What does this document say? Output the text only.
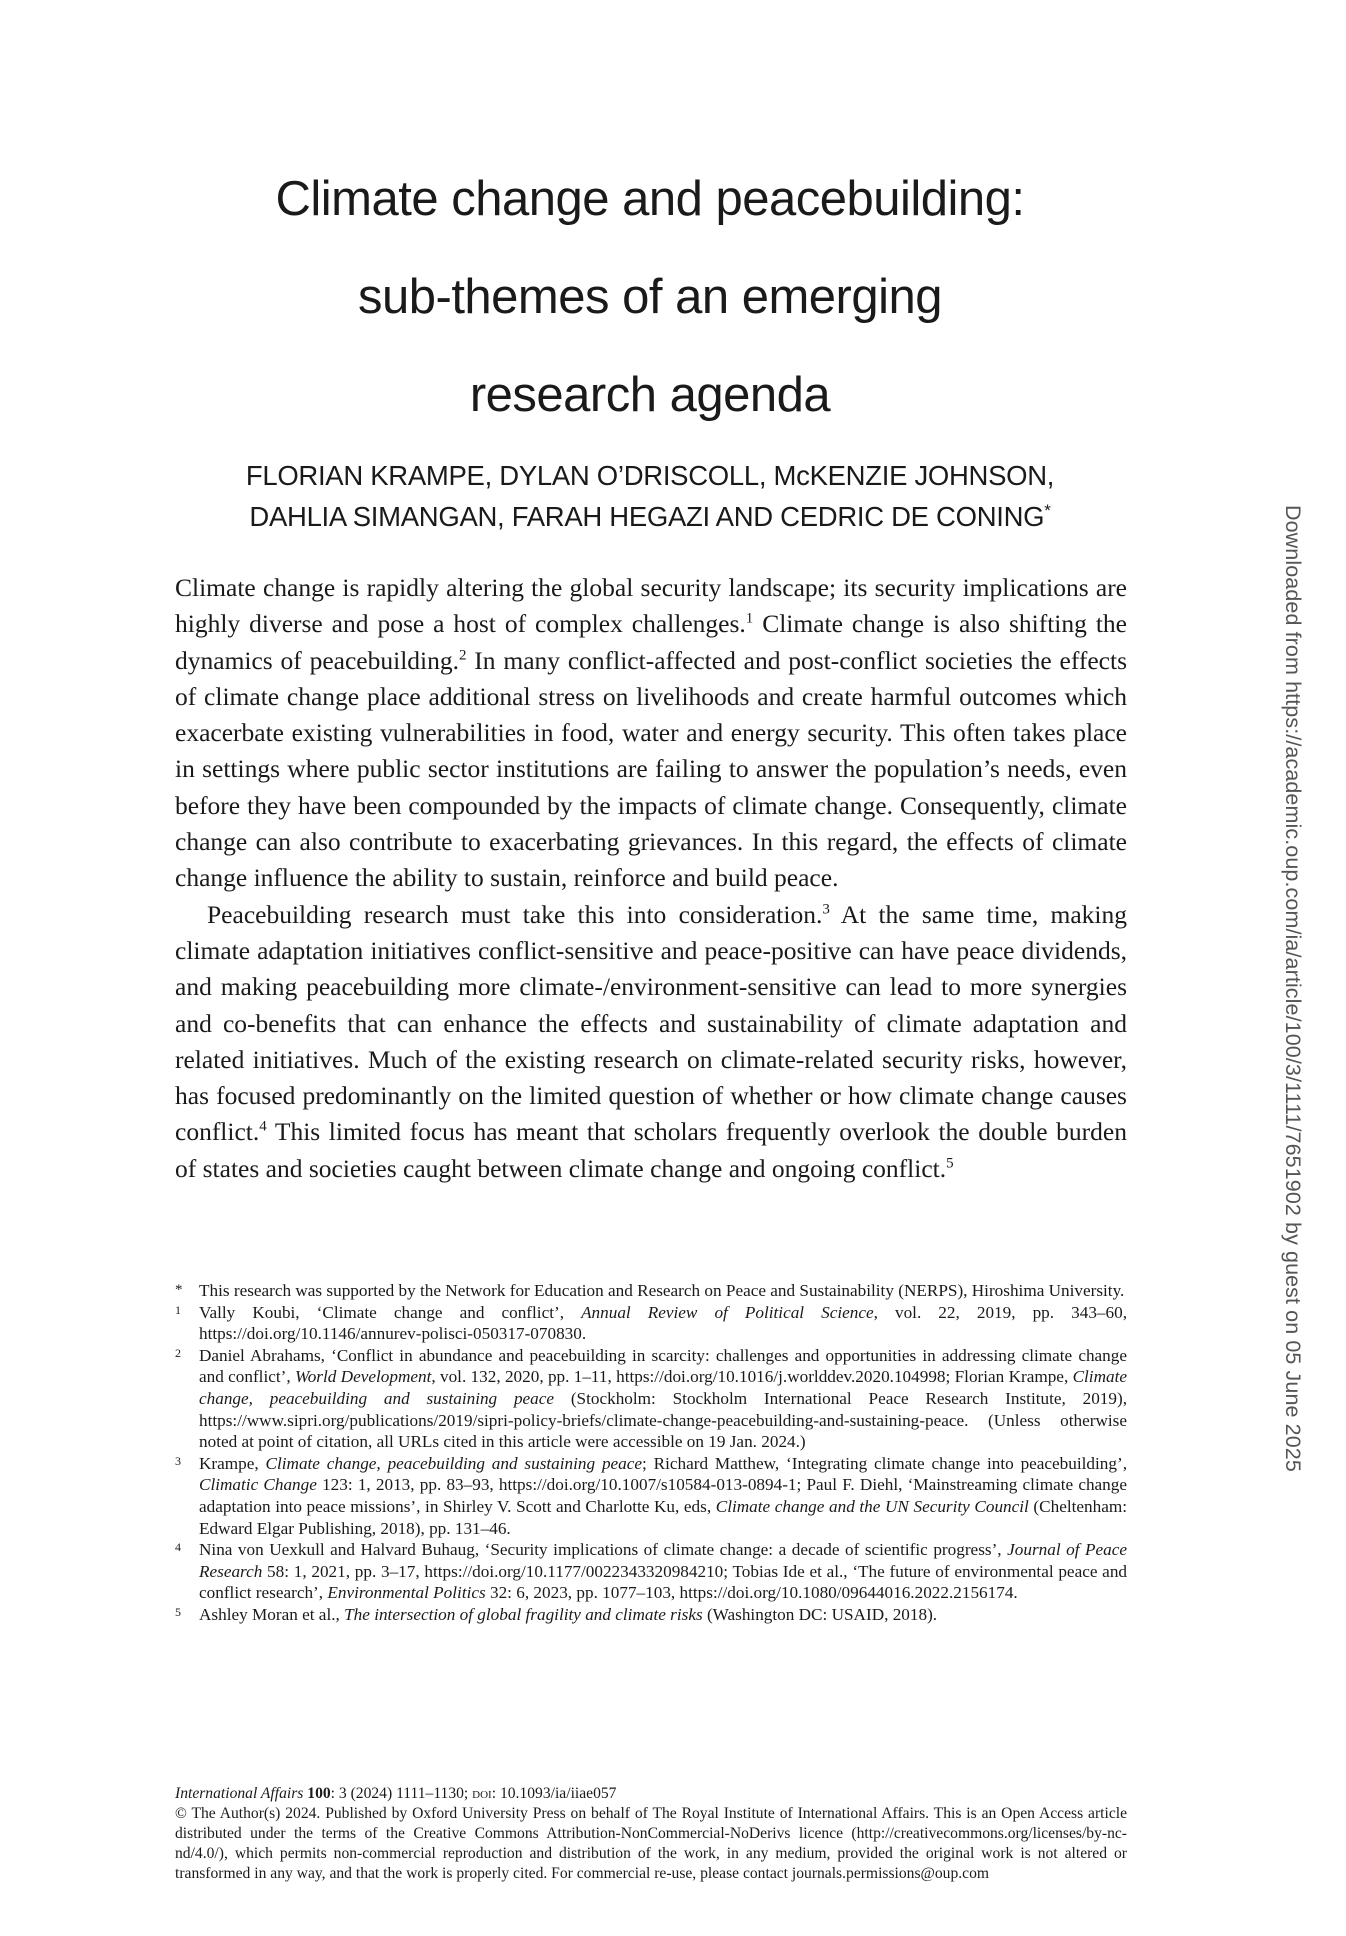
Climate change and peacebuilding:
sub-themes of an emerging
research agenda
FLORIAN KRAMPE, DYLAN O’DRISCOLL, McKENZIE JOHNSON,
DAHLIA SIMANGAN, FARAH HEGAZI AND CEDRIC DE CONING*

Climate change is rapidly altering the global security landscape; its security implications are highly diverse and pose a host of complex challenges.$^1$ Climate change is also shifting the dynamics of peacebuilding.$^2$ In many conflict-affected and post-conflict societies the effects of climate change place additional stress on livelihoods and create harmful outcomes which exacerbate existing vulnerabilities in food, water and energy security. This often takes place in settings where public sector institutions are failing to answer the population’s needs, even before they have been compounded by the impacts of climate change. Consequently, climate change can also contribute to exacerbating grievances. In this regard, the effects of climate change influence the ability to sustain, reinforce and build peace.

Peacebuilding research must take this into consideration.$^3$ At the same time, making climate adaptation initiatives conflict-sensitive and peace-positive can have peace dividends, and making peacebuilding more climate-/environment-sensitive can lead to more synergies and co-benefits that can enhance the effects and sustainability of climate adaptation and related initiatives. Much of the existing research on climate-related security risks, however, has focused predominantly on the limited question of whether or how climate change causes conflict.$^4$ This limited focus has meant that scholars frequently overlook the double burden of states and societies caught between climate change and ongoing conflict.$^5$

* This research was supported by the Network for Education and Research on Peace and Sustainability (NERPS), Hiroshima University.

1 Vally Koubi, ‘Climate change and conflict’, Annual Review of Political Science, vol. 22, 2019, pp. 343–60, https://doi.org/10.1146/annurev-polisci-050317-070830.

2 Daniel Abrahams, ‘Conflict in abundance and peacebuilding in scarcity: challenges and opportunities in addressing climate change and conflict’, World Development, vol. 132, 2020, pp. 1–11, https://doi.org/10.1016/j.worlddev.2020.104998; Florian Krampe, Climate change, peacebuilding and sustaining peace (Stockholm: Stockholm International Peace Research Institute, 2019), https://www.sipri.org/publications/2019/sipri-policy-briefs/climate-change-peacebuilding-and-sustaining-peace. (Unless otherwise noted at point of citation, all URLs cited in this article were accessible on 19 Jan. 2024.)

3 Krampe, Climate change, peacebuilding and sustaining peace; Richard Matthew, ‘Integrating climate change into peacebuilding’, Climatic Change 123: 1, 2013, pp. 83–93, https://doi.org/10.1007/s10584-013-0894-1; Paul F. Diehl, ‘Mainstreaming climate change adaptation into peace missions’, in Shirley V. Scott and Charlotte Ku, eds, Climate change and the UN Security Council (Cheltenham: Edward Elgar Publishing, 2018), pp. 131–46.

4 Nina von Uexkull and Halvard Buhaug, ‘Security implications of climate change: a decade of scientific progress’, Journal of Peace Research 58: 1, 2021, pp. 3–17, https://doi.org/10.1177/0022343320984210; Tobias Ide et al., ‘The future of environmental peace and conflict research’, Environmental Politics 32: 6, 2023, pp. 1077–103, https://doi.org/10.1080/09644016.2022.2156174.

5 Ashley Moran et al., The intersection of global fragility and climate risks (Washington DC: USAID, 2018).

International Affairs 100: 3 (2024) 1111–1130; doi: 10.1093/ia/iiae057

© The Author(s) 2024. Published by Oxford University Press on behalf of The Royal Institute of International Affairs. This is an Open Access article distributed under the terms of the Creative Commons Attribution-NonCommercial-NoDerivs licence (http://creativecommons.org/licenses/by-nc-nd/4.0/), which permits non-commercial reproduction and distribution of the work, in any medium, provided the original work is not altered or transformed in any way, and that the work is properly cited. For commercial re-use, please contact journals.permissions@oup.com

Downloaded from https://academic.oup.com/ia/article/100/3/1111/7651902 by guest on 05 June 2025
